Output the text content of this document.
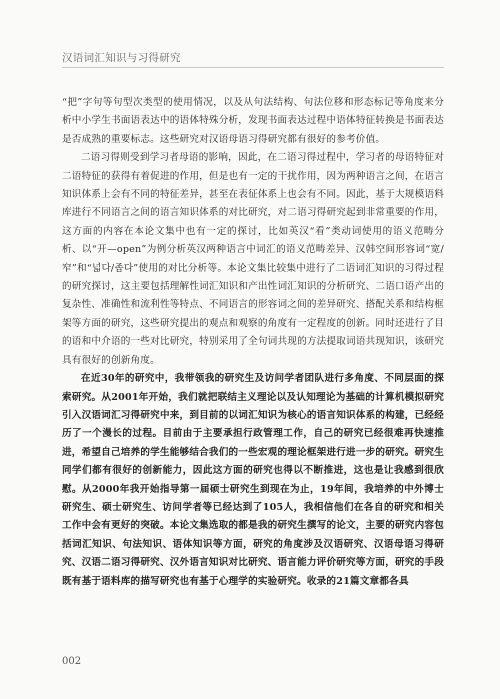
汉语词汇知识与习得研究

“把”字句等句型次类型的使用情况，以及从句法结构、句法位移和形态标记等角度来分析中小学生书面语表达中的语体特殊分析，发现书面表达过程中语体特征转换是书面表达是否成熟的重要标志。这些研究对汉语母语习得研究都有很好的参考价值。

二语习得则受到学习者母语的影响，因此，在二语习得过程中，学习者的母语特征对二语特征的获得有着促进的作用，但是也有一定的干扰作用，因为两种语言之间，在语言知识体系上会有不同的特征差异，甚至在表征体系上也会有不同。因此，基于大规模语料库进行不同语言之间的语言知识体系的对比研究，对二语习得研究起到非常重要的作用，这方面的内容在本论文集中也有一定的探讨，比如英汉“看”类动词使用的语义范畴分析、以“开—open”为例分析英汉两种语言中词汇的语义范畴差异、汉韩空间形容词“宽/窄”和“넓다/좁다”使用的对比分析等。本论文集比较集中进行了二语词汇知识的习得过程的研究探讨，这主要包括理解性词汇知识和产出性词汇知识的分析研究、二语口语产出的复杂性、准确性和流利性等特点、不同语言的形容词之间的差异研究、搭配关系和结构框架等方面的研究，这些研究提出的观点和观察的角度有一定程度的创新。同时还进行了目的语和中介语的一些对比研究，特别采用了全句词共现的方法提取词语共现知识，该研究具有很好的创新角度。

在近30年的研究中，我带领我的研究生及访问学者团队进行多角度、不同层面的探索研究。从2001年开始，我们就把联结主义理论以及认知理论为基础的计算机模拟研究引入汉语词汇习得研究中来，到目前的以词汇知识为核心的语言知识体系的构建，已经经历了一个漫长的过程。目前由于主要承担行政管理工作，自己的研究已经很难再快速推进，希望自己培养的学生能够结合我们的一些宏观的理论框架进行进一步的研究。研究生同学们都有很好的创新能力，因此这方面的研究也得以不断推进，这也是让我感到很欣慰。从2000年我开始指导第一届硕士研究生到现在为止，19年间，我培养的中外博士研究生、硕士研究生、访问学者等已经达到了105人，我相信他们在各自的研究和相关工作中会有更好的突破。本论文集选取的都是我的研究生撰写的论文，主要的研究内容包括词汇知识、句法知识、语体知识等方面，研究的角度涉及汉语研究、汉语母语习得研究、汉语二语习得研究、汉外语言知识对比研究、语言能力评价研究等方面，研究的手段既有基于语料库的描写研究也有基于心理学的实验研究。收录的21篇文章都各具

002
